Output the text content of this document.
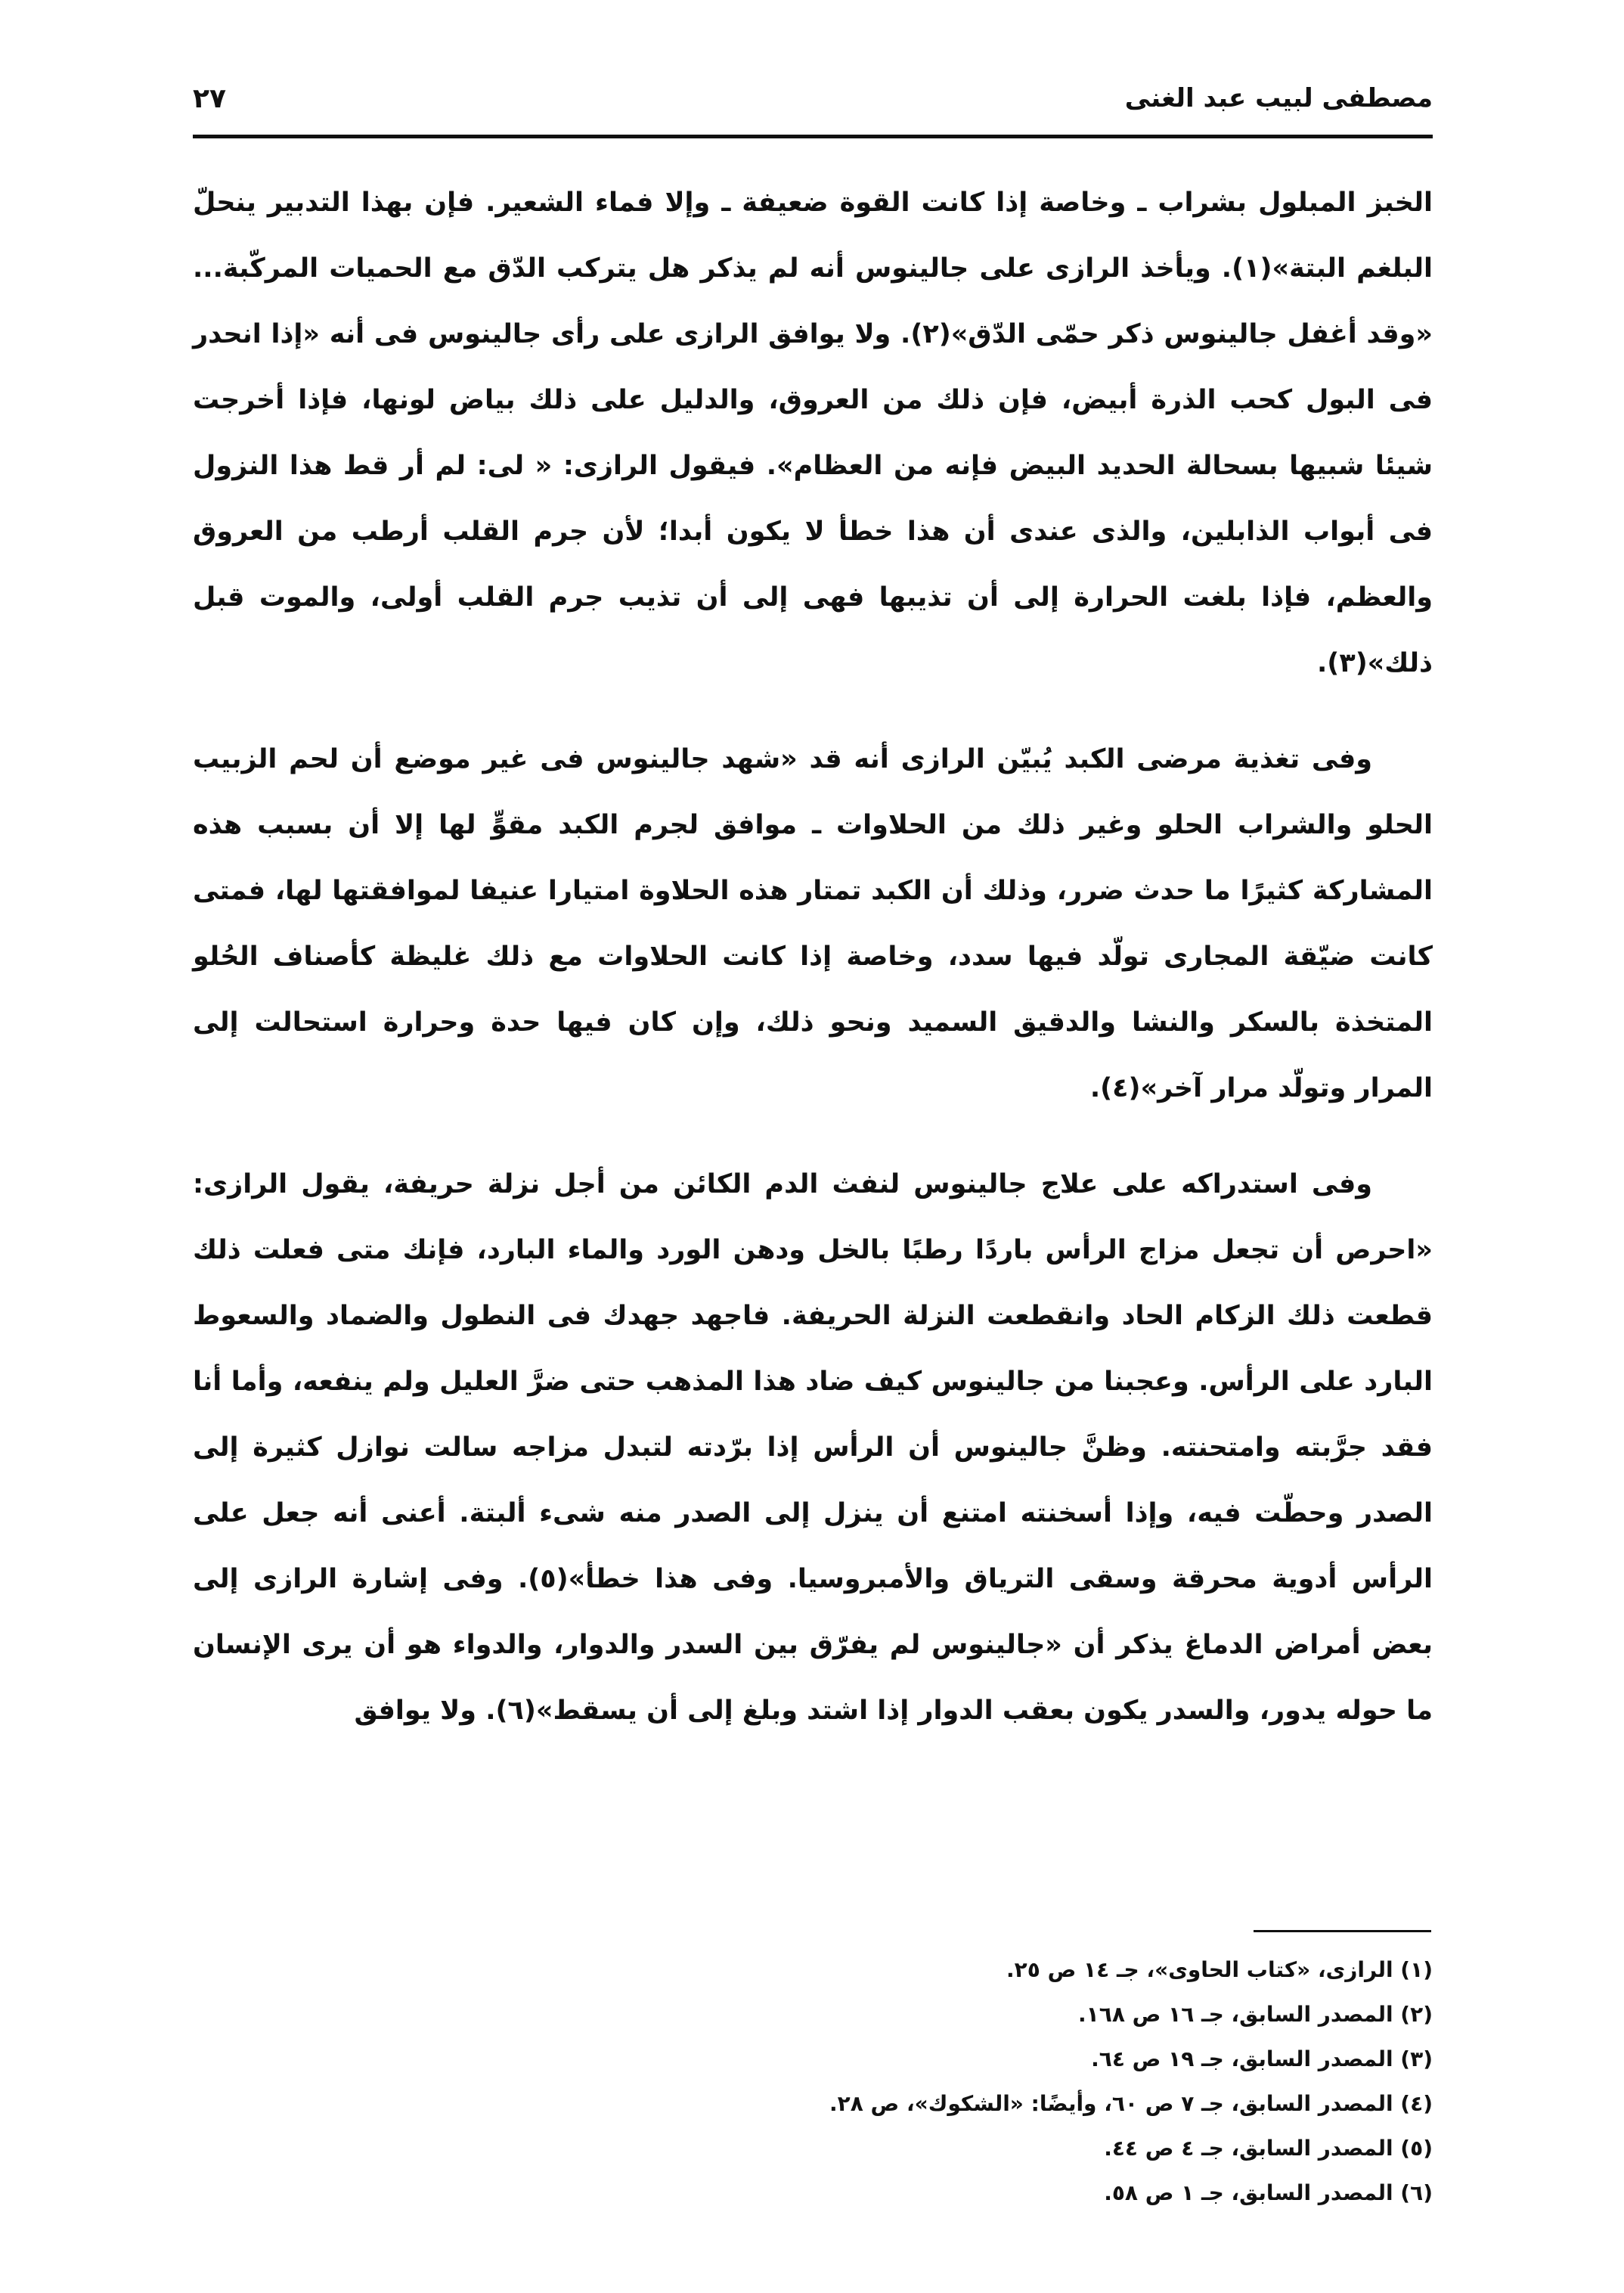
مصطفى لبيب عبد الغنى
٢٧

الخبز المبلول بشراب ـ وخاصة إذا كانت القوة ضعيفة ـ وإلا فماء الشعير. فإن بهذا التدبير ينحلّ البلغم البتة»(١). ويأخذ الرازى على جالينوس أنه لم يذكر هل يتركب الدّق مع الحميات المركّبة... «وقد أغفل جالينوس ذكر حمّى الدّق»(٢). ولا يوافق الرازى على رأى جالينوس فى أنه «إذا انحدر فى البول كحب الذرة أبيض، فإن ذلك من العروق، والدليل على ذلك بياض لونها، فإذا أخرجت شيئا شبيها بسحالة الحديد البيض فإنه من العظام». فيقول الرازى: « لى: لم أر قط هذا النزول فى أبواب الذابلين، والذى عندى أن هذا خطأ لا يكون أبدا؛ لأن جرم القلب أرطب من العروق والعظم، فإذا بلغت الحرارة إلى أن تذيبها فهى إلى أن تذيب جرم القلب أولى، والموت قبل ذلك»(٣).

وفى تغذية مرضى الكبد يُبيّن الرازى أنه قد «شهد جالينوس فى غير موضع أن لحم الزبيب الحلو والشراب الحلو وغير ذلك من الحلاوات ـ موافق لجرم الكبد مقوٍّ لها إلا أن بسبب هذه المشاركة كثيرًا ما حدث ضرر، وذلك أن الكبد تمتار هذه الحلاوة امتيارا عنيفا لموافقتها لها، فمتى كانت ضيّقة المجارى تولّد فيها سدد، وخاصة إذا كانت الحلاوات مع ذلك غليظة كأصناف الحُلو المتخذة بالسكر والنشا والدقيق السميد ونحو ذلك، وإن كان فيها حدة وحرارة استحالت إلى المرار وتولّد مرار آخر»(٤).

وفى استدراكه على علاج جالينوس لنفث الدم الكائن من أجل نزلة حريفة، يقول الرازى: «احرص أن تجعل مزاج الرأس باردًا رطبًا بالخل ودهن الورد والماء البارد، فإنك متى فعلت ذلك قطعت ذلك الزكام الحاد وانقطعت النزلة الحريفة. فاجهد جهدك فى النطول والضماد والسعوط البارد على الرأس. وعجبنا من جالينوس كيف ضاد هذا المذهب حتى ضرَّ العليل ولم ينفعه، وأما أنا فقد جرَّبته وامتحنته. وظنَّ جالينوس أن الرأس إذا برّدته لتبدل مزاجه سالت نوازل كثيرة إلى الصدر وحطّت فيه، وإذا أسخنته امتنع أن ينزل إلى الصدر منه شىء ألبتة. أعنى أنه جعل على الرأس أدوية محرقة وسقى الترياق والأمبروسيا. وفى هذا خطأ»(٥). وفى إشارة الرازى إلى بعض أمراض الدماغ يذكر أن «جالينوس لم يفرّق بين السدر والدوار، والدواء هو أن يرى الإنسان ما حوله يدور، والسدر يكون بعقب الدوار إذا اشتد وبلغ إلى أن يسقط»(٦). ولا يوافق

(١) الرازى، «كتاب الحاوى»، جـ ١٤ ص ٢٥.
(٢) المصدر السابق، جـ ١٦ ص ١٦٨.
(٣) المصدر السابق، جـ ١٩ ص ٦٤.
(٤) المصدر السابق، جـ ٧ ص ٦٠، وأيضًا: «الشكوك»، ص ٢٨.
(٥) المصدر السابق، جـ ٤ ص ٤٤.
(٦) المصدر السابق، جـ ١ ص ٥٨.
